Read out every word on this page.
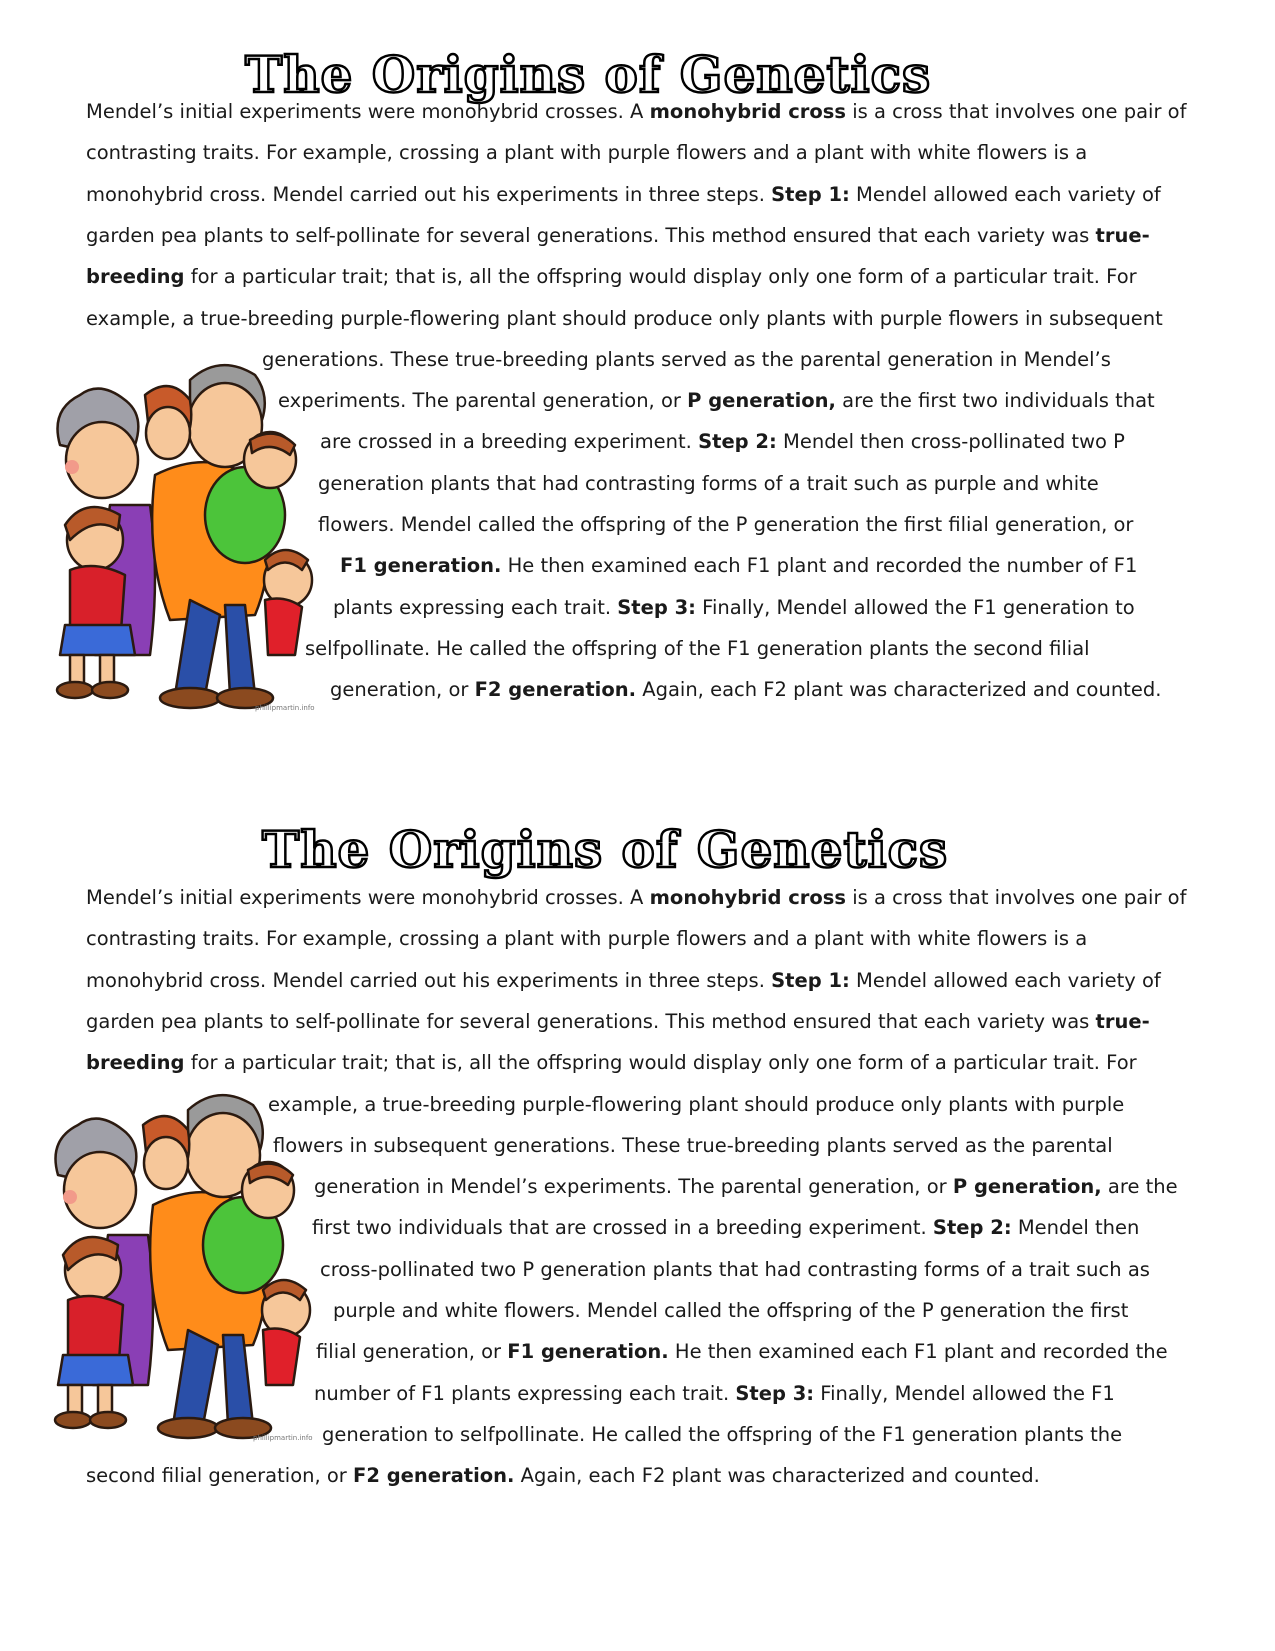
The Origins of Genetics
phillipmartin.info

Mendel’s initial experiments were monohybrid crosses. A monohybrid cross is a cross that involves one pair of

contrasting traits. For example, crossing a plant with purple flowers and a plant with white flowers is a

monohybrid cross. Mendel carried out his experiments in three steps. Step 1: Mendel allowed each variety of

garden pea plants to self-pollinate for several generations. This method ensured that each variety was true-

breeding for a particular trait; that is, all the offspring would display only one form of a particular trait. For

example, a true-breeding purple-flowering plant should produce only plants with purple flowers in subsequent

generations. These true-breeding plants served as the parental generation in Mendel’s

experiments. The parental generation, or P generation, are the first two individuals that

are crossed in a breeding experiment. Step 2: Mendel then cross-pollinated two P

generation plants that had contrasting forms of a trait such as purple and white

flowers. Mendel called the offspring of the P generation the first filial generation, or

F1 generation. He then examined each F1 plant and recorded the number of F1

plants expressing each trait. Step 3: Finally, Mendel allowed the F1 generation to

selfpollinate. He called the offspring of the F1 generation plants the second filial

generation, or F2 generation. Again, each F2 plant was characterized and counted.

The Origins of Genetics
phillipmartin.info

Mendel’s initial experiments were monohybrid crosses. A monohybrid cross is a cross that involves one pair of

contrasting traits. For example, crossing a plant with purple flowers and a plant with white flowers is a

monohybrid cross. Mendel carried out his experiments in three steps. Step 1: Mendel allowed each variety of

garden pea plants to self-pollinate for several generations. This method ensured that each variety was true-

breeding for a particular trait; that is, all the offspring would display only one form of a particular trait. For

example, a true-breeding purple-flowering plant should produce only plants with purple

flowers in subsequent generations. These true-breeding plants served as the parental

generation in Mendel’s experiments. The parental generation, or P generation, are the

first two individuals that are crossed in a breeding experiment. Step 2: Mendel then

cross-pollinated two P generation plants that had contrasting forms of a trait such as

purple and white flowers. Mendel called the offspring of the P generation the first

filial generation, or F1 generation. He then examined each F1 plant and recorded the

number of F1 plants expressing each trait. Step 3: Finally, Mendel allowed the F1

generation to selfpollinate. He called the offspring of the F1 generation plants the

second filial generation, or F2 generation. Again, each F2 plant was characterized and counted.
